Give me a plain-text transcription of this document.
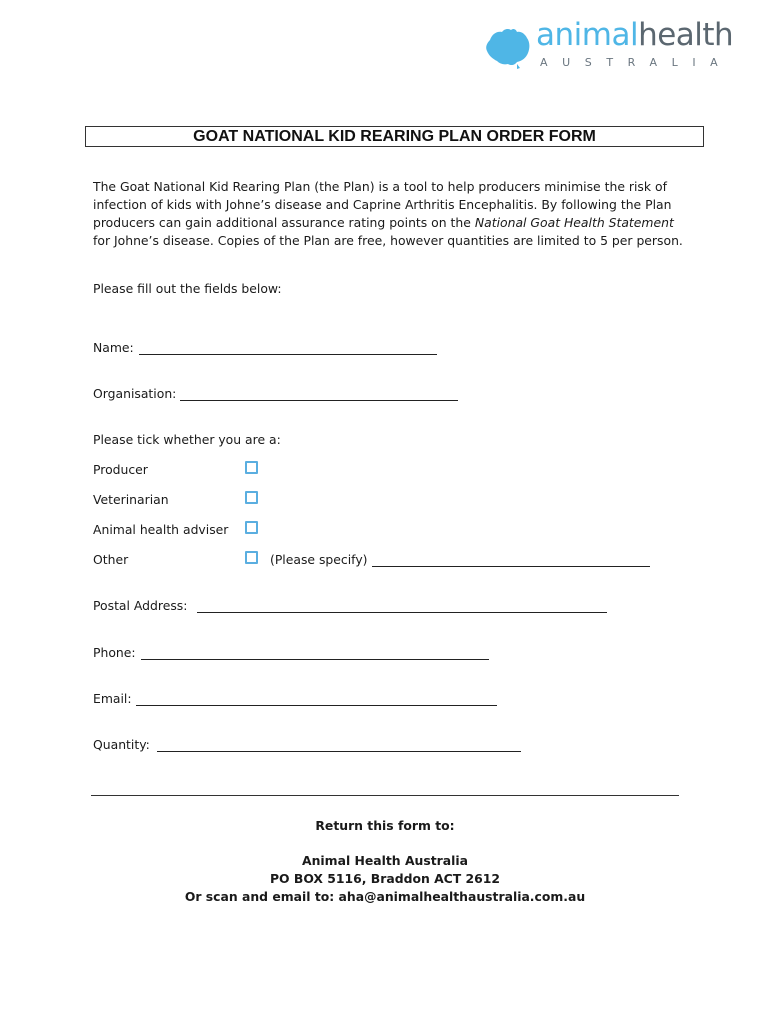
animalhealth
AUSTRALIA
GOAT NATIONAL KID REARING PLAN ORDER FORM
The Goat National Kid Rearing Plan (the Plan) is a tool to help producers minimise the risk of infection of kids with Johne’s disease and Caprine Arthritis Encephalitis. By following the Plan producers can gain additional assurance rating points on the National Goat Health Statement for Johne’s disease. Copies of the Plan are free, however quantities are limited to 5 per person.
Please fill out the fields below:
Name:
Organisation:
Please tick whether you are a:
Producer
Veterinarian
Animal health adviser
Other	(Please specify)
Postal Address:
Phone:
Email:
Quantity:
Return this form to:
Animal Health Australia
PO BOX 5116, Braddon ACT 2612
Or scan and email to: aha@animalhealthaustralia.com.au
